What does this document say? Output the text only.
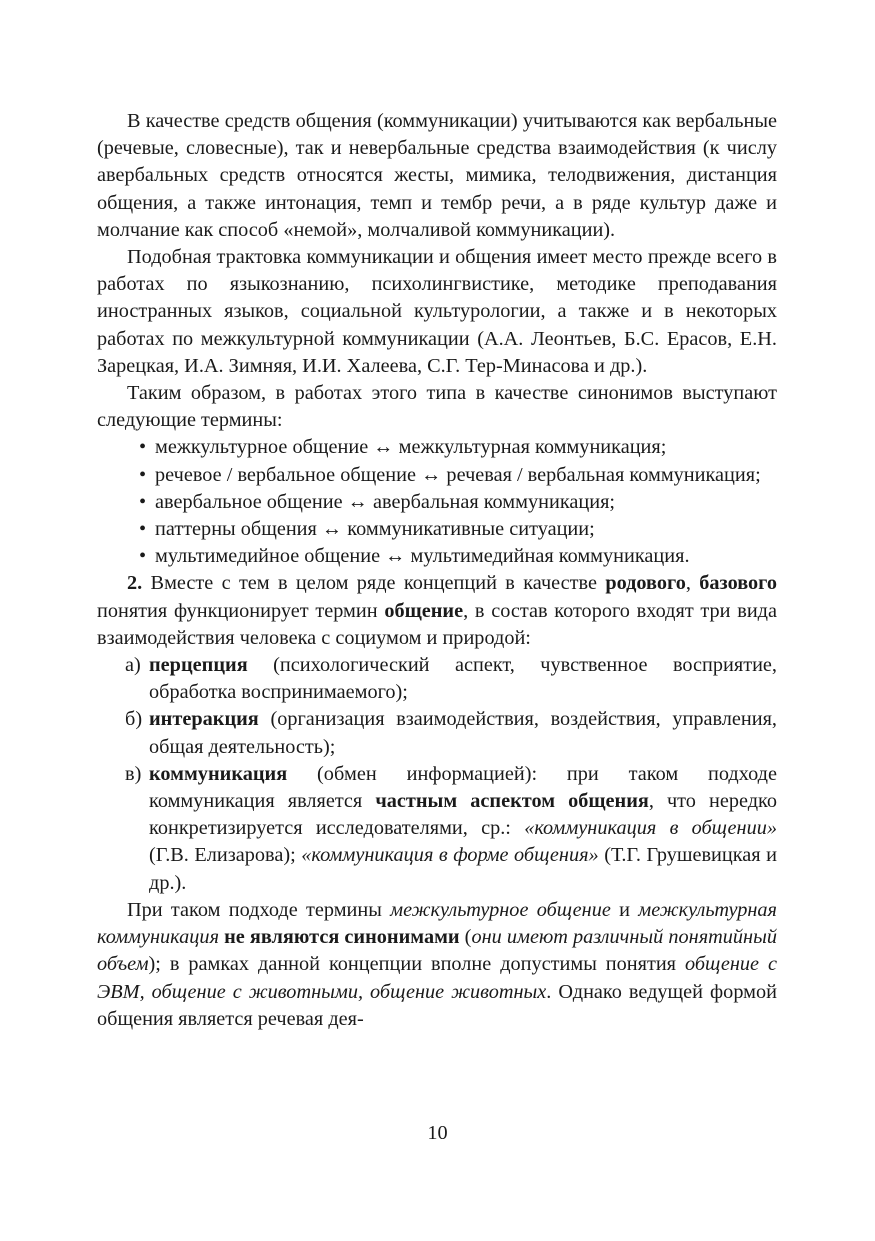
В качестве средств общения (коммуникации) учитываются как вербальные (речевые, словесные), так и невербальные средства взаимодействия (к числу авербальных средств относятся жесты, мимика, телодвижения, дистанция общения, а также интонация, темп и тембр речи, а в ряде культур даже и молчание как способ «немой», молчаливой коммуникации).

Подобная трактовка коммуникации и общения имеет место прежде всего в работах по языкознанию, психолингвистике, методике преподавания иностранных языков, социальной культурологии, а также и в некоторых работах по межкультурной коммуникации (А.А. Леонтьев, Б.С. Ерасов, Е.Н. Зарецкая, И.А. Зимняя, И.И. Халеева, С.Г. Тер-Минасова и др.).

Таким образом, в работах этого типа в качестве синонимов выступают следующие термины:

• межкультурное общение ↔ межкультурная коммуникация;
• речевое / вербальное общение ↔ речевая / вербальная коммуникация;
• авербальное общение ↔ авербальная коммуникация;
• паттерны общения ↔ коммуникативные ситуации;
• мультимедийное общение ↔ мультимедийная коммуникация.

2. Вместе с тем в целом ряде концепций в качестве родового, базового понятия функционирует термин общение, в состав которого входят три вида взаимодействия человека с социумом и природой:

а) перцепция (психологический аспект, чувственное восприятие, обработка воспринимаемого);
б) интеракция (организация взаимодействия, воздействия, управления, общая деятельность);
в) коммуникация (обмен информацией): при таком подходе коммуникация является частным аспектом общения, что нередко конкретизируется исследователями, ср.: «коммуникация в общении» (Г.В. Елизарова); «коммуникация в форме общения» (Т.Г. Грушевицкая и др.).

При таком подходе термины межкультурное общение и межкультурная коммуникация не являются синонимами (они имеют различный понятийный объем); в рамках данной концепции вполне допустимы понятия общение с ЭВМ, общение с животными, общение животных. Однако ведущей формой общения является речевая дея-

10
